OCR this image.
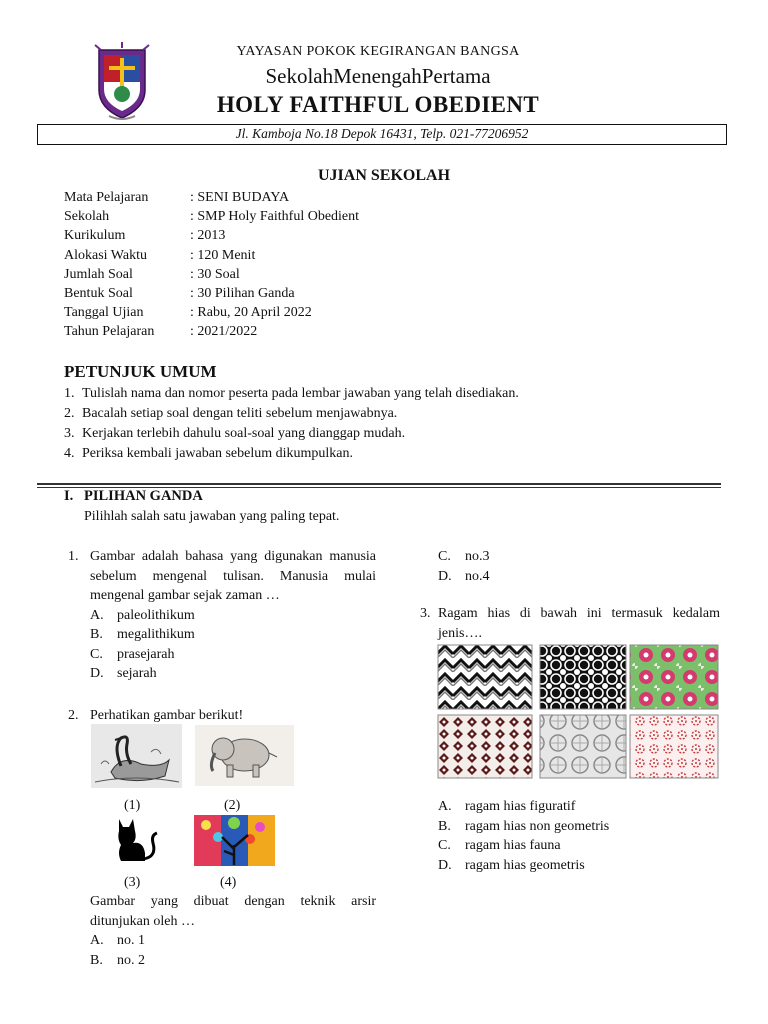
YAYASAN POKOK KEGIRANGAN BANGSA
SekolahMenengahPertama
HOLY FAITHFUL OBEDIENT
Jl. Kamboja No.18 Depok 16431, Telp. 021-77206952
UJIAN SEKOLAH
Mata Pelajaran	: SENI BUDAYA
Sekolah	: SMP Holy Faithful Obedient
Kurikulum	: 2013
Alokasi Waktu	: 120 Menit
Jumlah Soal	: 30 Soal
Bentuk Soal	: 30 Pilihan Ganda
Tanggal Ujian	: Rabu, 20 April 2022
Tahun Pelajaran	: 2021/2022
PETUNJUK UMUM
1. Tulislah nama dan nomor peserta pada lembar jawaban yang telah disediakan.
2. Bacalah setiap soal dengan teliti sebelum menjawabnya.
3. Kerjakan terlebih dahulu soal-soal yang dianggap mudah.
4. Periksa kembali jawaban sebelum dikumpulkan.
I. PILIHAN GANDA
Pilihlah salah satu jawaban yang paling tepat.
1. Gambar adalah bahasa yang digunakan manusia sebelum mengenal tulisan. Manusia mulai mengenal gambar sejak zaman …
A. paleolithikum
B.	megalithikum
C.	prasejarah
D. sejarah
2. Perhatikan gambar berikut!
(1)	(2)
(3)	(4)
Gambar yang dibuat dengan teknik arsir ditunjukan oleh …
A. no. 1
B.	no. 2
C.	no.3
D. no.4
3. Ragam hias di bawah ini termasuk kedalam jenis….
A. ragam hias figuratif
B.	ragam hias non geometris
C.	ragam hias fauna
D. ragam hias geometris
